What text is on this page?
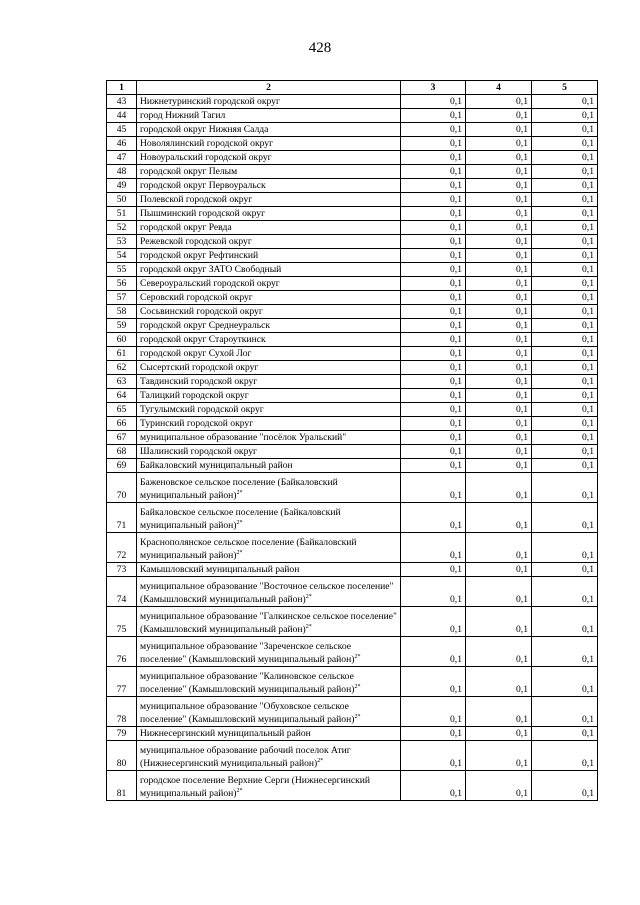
428
1	2	3	4	5
43	Нижнетуринский городской округ	0,1	0,1	0,1
44	город Нижний Тагил	0,1	0,1	0,1
45	городской округ Нижняя Салда	0,1	0,1	0,1
46	Новолялинский городской округ	0,1	0,1	0,1
47	Новоуральский городской округ	0,1	0,1	0,1
48	городской округ Пелым	0,1	0,1	0,1
49	городской округ Первоуральск	0,1	0,1	0,1
50	Полевской городской округ	0,1	0,1	0,1
51	Пышминский городской округ	0,1	0,1	0,1
52	городской округ Ревда	0,1	0,1	0,1
53	Режевской городской округ	0,1	0,1	0,1
54	городской округ Рефтинский	0,1	0,1	0,1
55	городской округ ЗАТО Свободный	0,1	0,1	0,1
56	Североуральский городской округ	0,1	0,1	0,1
57	Серовский городской округ	0,1	0,1	0,1
58	Сосьвинский городской округ	0,1	0,1	0,1
59	городской округ Среднеуральск	0,1	0,1	0,1
60	городской округ Староуткинск	0,1	0,1	0,1
61	городской округ Сухой Лог	0,1	0,1	0,1
62	Сысертский городской округ	0,1	0,1	0,1
63	Тавдинский городской округ	0,1	0,1	0,1
64	Талицкий городской округ	0,1	0,1	0,1
65	Тугулымский городской округ	0,1	0,1	0,1
66	Туринский городской округ	0,1	0,1	0,1
67	муниципальное образование "посёлок Уральский"	0,1	0,1	0,1
68	Шалинский городской округ	0,1	0,1	0,1
69	Байкаловский муниципальный район	0,1	0,1	0,1
70	Баженовское сельское поселение (Байкаловский муниципальный район)$^{2*}$	0,1	0,1	0,1
71	Байкаловское сельское поселение (Байкаловский муниципальный район)$^{2*}$	0,1	0,1	0,1
72	Краснополянское сельское поселение (Байкаловский муниципальный район)$^{2*}$	0,1	0,1	0,1
73	Камышловский муниципальный район	0,1	0,1	0,1
74	муниципальное образование "Восточное сельское поселение" (Камышловский муниципальный район)$^{2*}$	0,1	0,1	0,1
75	муниципальное образование "Галкинское сельское поселение" (Камышловский муниципальный район)$^{2*}$	0,1	0,1	0,1
76	муниципальное образование "Зареченское сельское поселение" (Камышловский муниципальный район)$^{2*}$	0,1	0,1	0,1
77	муниципальное образование "Калиновское сельское поселение" (Камышловский муниципальный район)$^{2*}$	0,1	0,1	0,1
78	муниципальное образование "Обуховское сельское поселение" (Камышловский муниципальный район)$^{2*}$	0,1	0,1	0,1
79	Нижнесергинский муниципальный район	0,1	0,1	0,1
80	муниципальное образование рабочий поселок Атиг (Нижнесергинский муниципальный район)$^{2*}$	0,1	0,1	0,1
81	городское поселение Верхние Серги (Нижнесергинский муниципальный район)$^{2*}$	0,1	0,1	0,1
